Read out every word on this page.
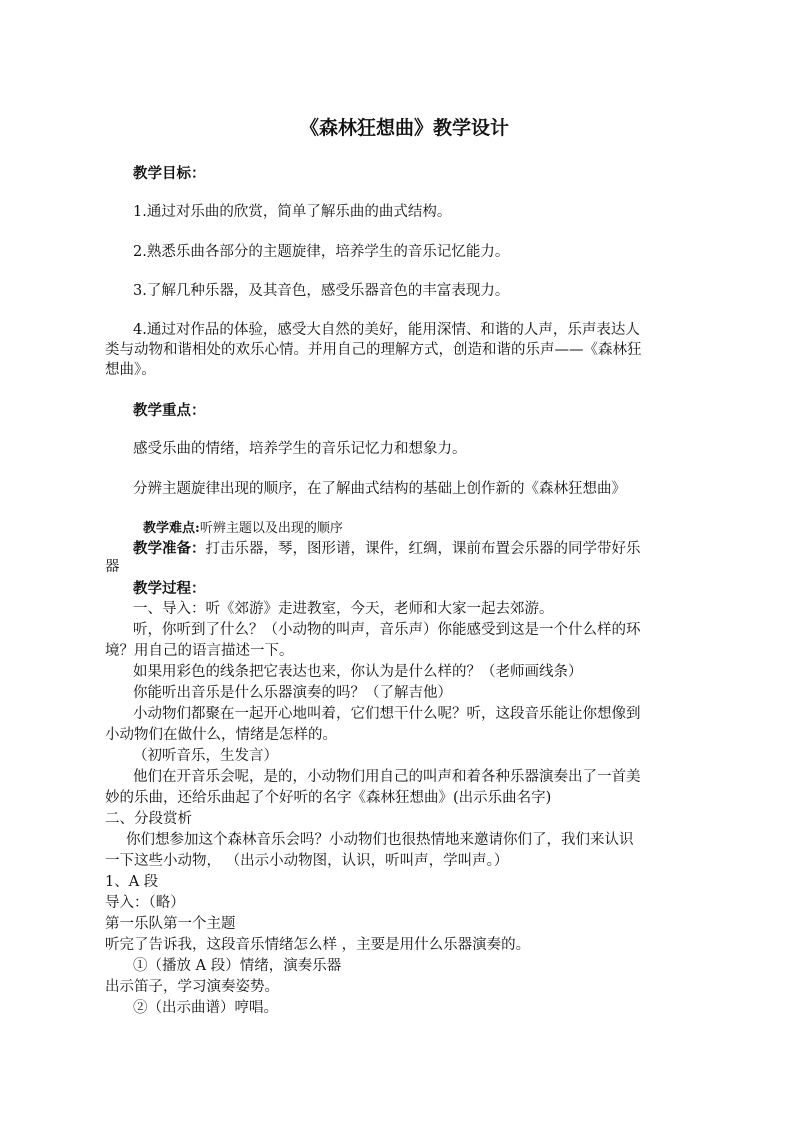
《森林狂想曲》教学设计
教学目标：
1.通过对乐曲的欣赏，简单了解乐曲的曲式结构。
2.熟悉乐曲各部分的主题旋律，培养学生的音乐记忆能力。
3.了解几种乐器，及其音色，感受乐器音色的丰富表现力。
4.通过对作品的体验，感受大自然的美好，能用深情、和谐的人声，乐声表达人
类与动物和谐相处的欢乐心情。并用自己的理解方式，创造和谐的乐声——《森林狂
想曲》。
教学重点：
感受乐曲的情绪，培养学生的音乐记忆力和想象力。
分辨主题旋律出现的顺序，在了解曲式结构的基础上创作新的《森林狂想曲》
教学难点:听辨主题以及出现的顺序
教学准备：打击乐器，琴，图形谱，课件，红绸，课前布置会乐器的同学带好乐
器
教学过程：
一、导入：听《郊游》走进教室，今天，老师和大家一起去郊游。
听，你听到了什么？（小动物的叫声，音乐声）你能感受到这是一个什么样的环
境？用自己的语言描述一下。
如果用彩色的线条把它表达也来，你认为是什么样的？（老师画线条）
你能听出音乐是什么乐器演奏的吗？（了解吉他）
小动物们都聚在一起开心地叫着，它们想干什么呢？听，这段音乐能让你想像到
小动物们在做什么，情绪是怎样的。
（初听音乐，生发言）
他们在开音乐会呢，是的，小动物们用自己的叫声和着各种乐器演奏出了一首美
妙的乐曲，还给乐曲起了个好听的名字《森林狂想曲》(出示乐曲名字)
二、分段赏析
你们想参加这个森林音乐会吗？小动物们也很热情地来邀请你们了，我们来认识
一下这些小动物， （出示小动物图，认识，听叫声，学叫声。）
1、A 段
导入：（略）
第一乐队第一个主题
听完了告诉我，这段音乐情绪怎么样 ，主要是用什么乐器演奏的。
①（播放 A 段）情绪，演奏乐器
出示笛子，学习演奏姿势。
②（出示曲谱）哼唱。
